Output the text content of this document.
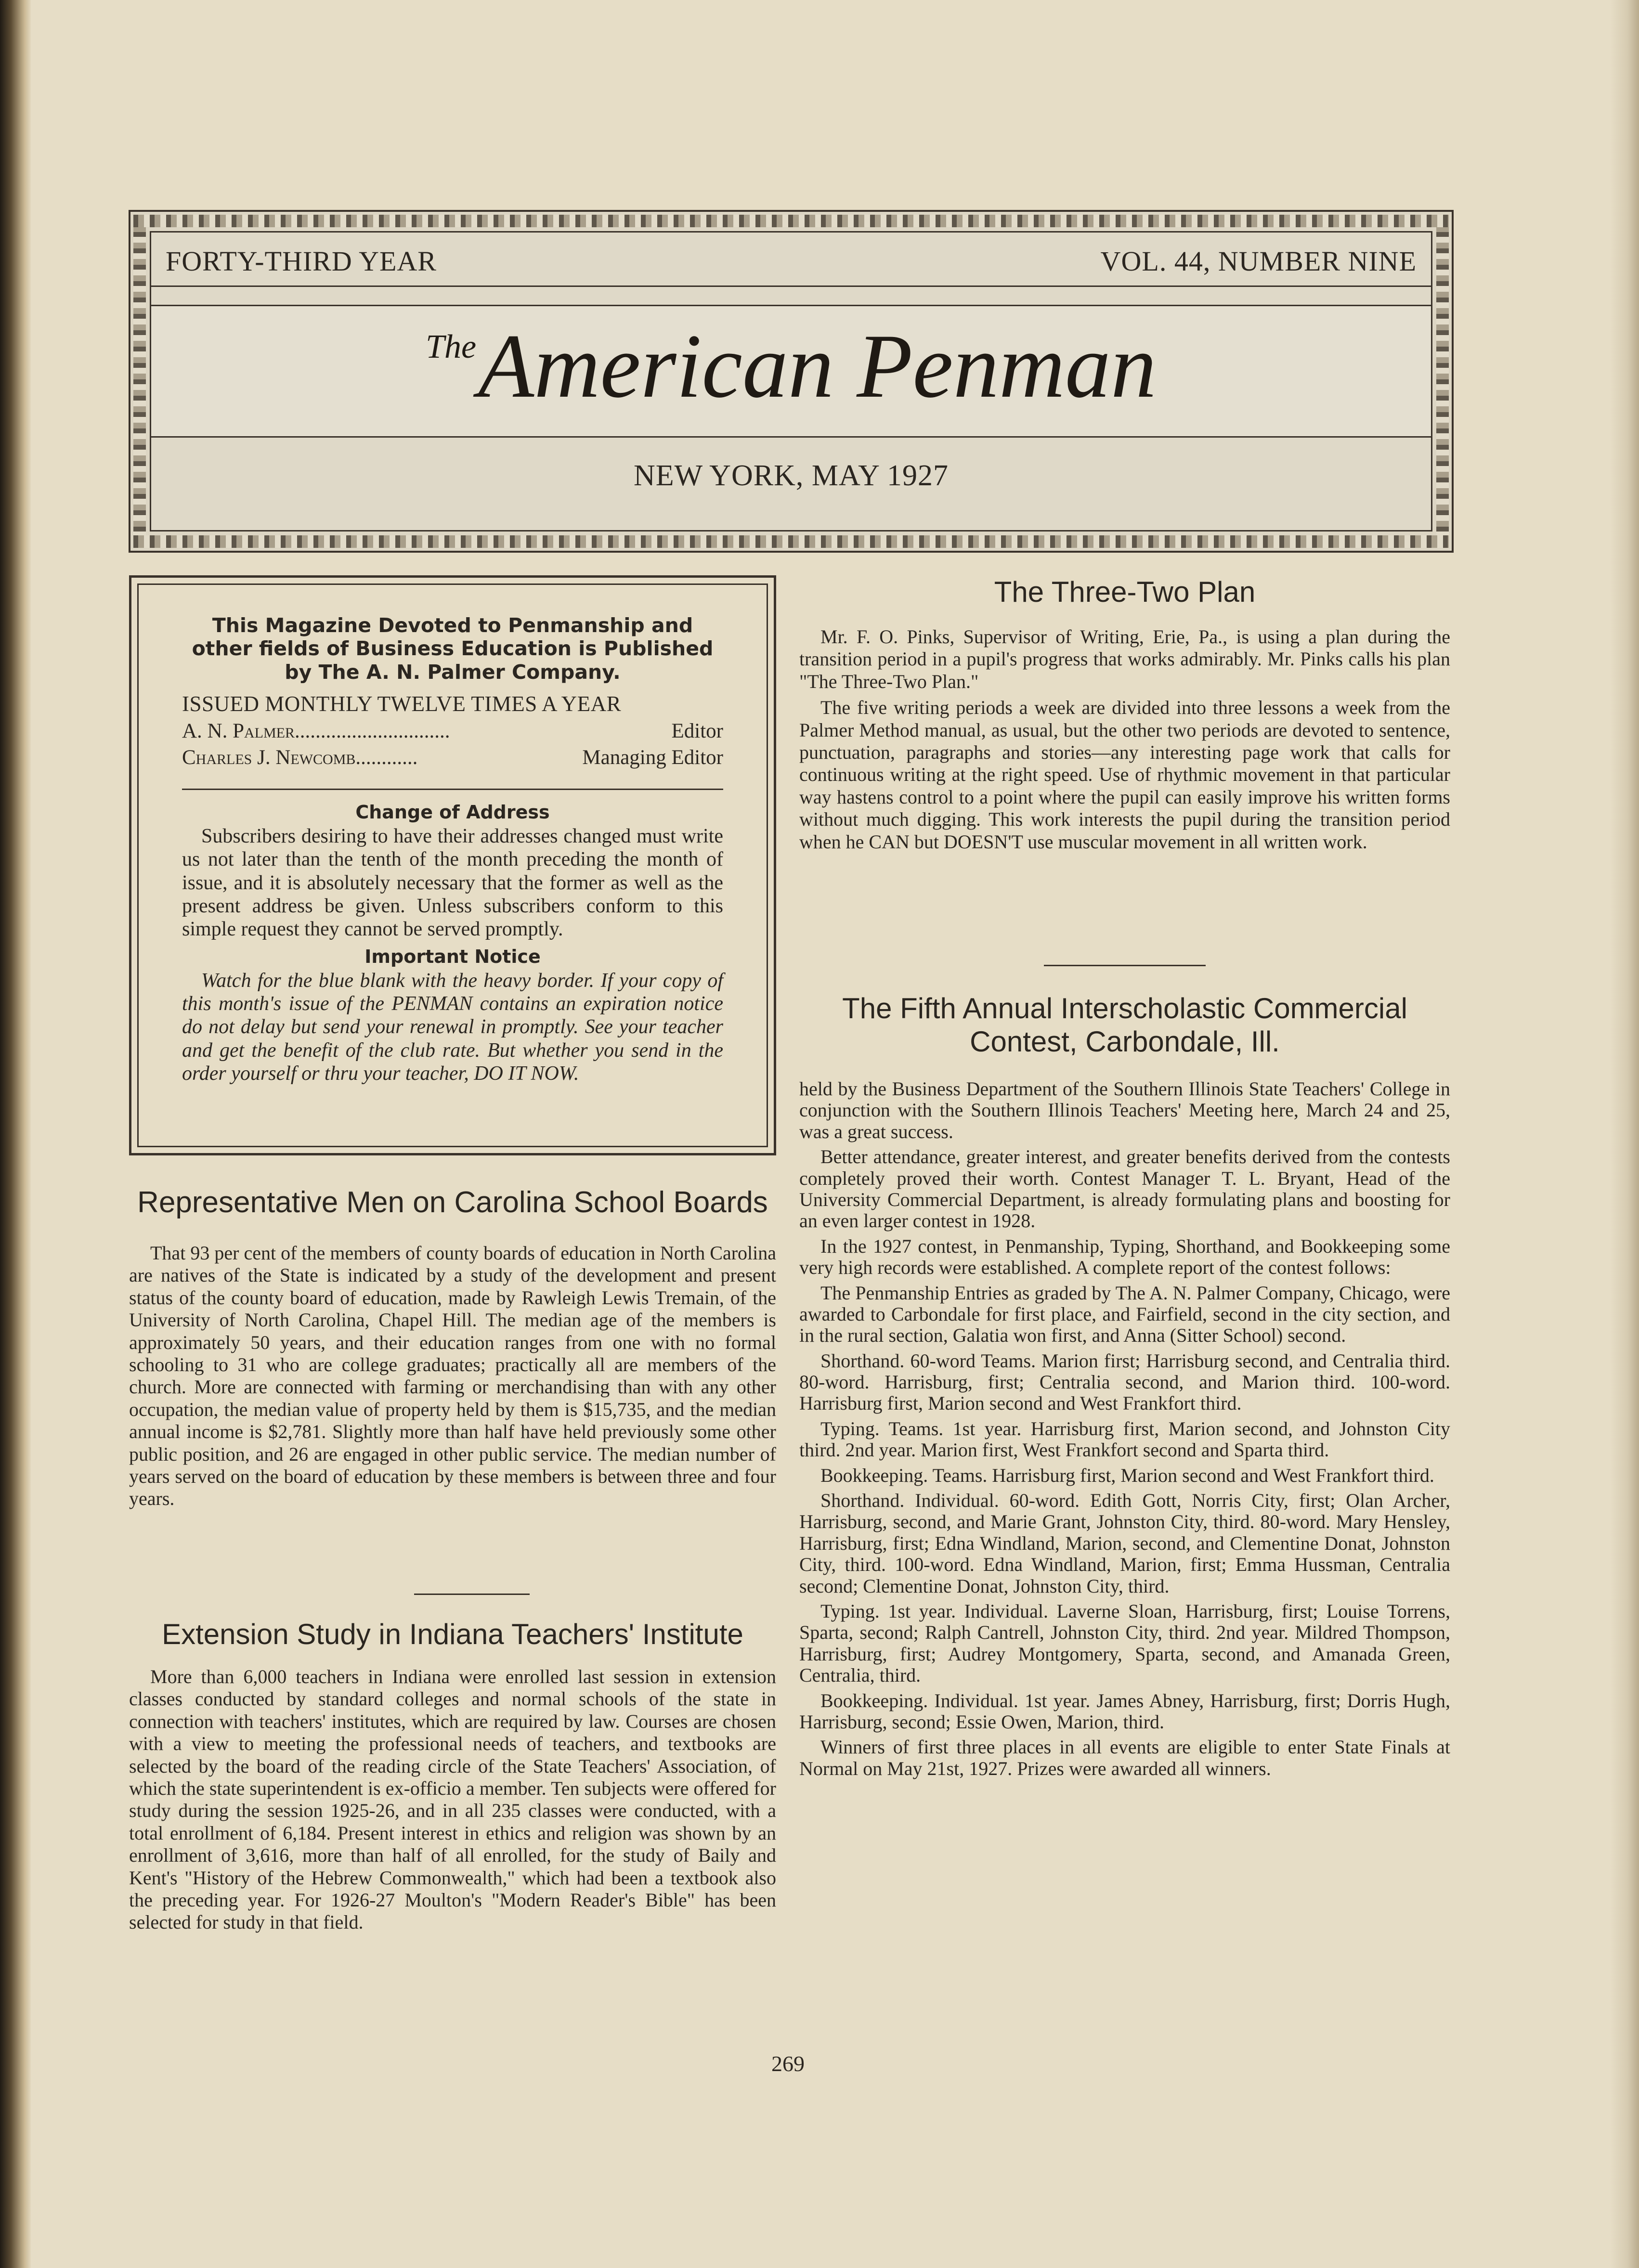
FORTY-THIRD YEAR	VOL. 44, NUMBER NINE
$^{The}$American Penman
NEW YORK, MAY 1927

This Magazine Devoted to Penmanship and other fields of Business Education is Published by The A. N. Palmer Company.

ISSUED MONTHLY TWELVE TIMES A YEAR
A. N. Palmer ..............................	Editor
Charles J. Newcomb ............	Managing Editor
Change of Address

Subscribers desiring to have their addresses changed must write us not later than the tenth of the month preceding the month of issue, and it is absolutely necessary that the former as well as the present address be given. Unless subscribers conform to this simple request they cannot be served promptly.

Important Notice

Watch for the blue blank with the heavy border. If your copy of this month's issue of the PENMAN contains an expiration notice do not delay but send your renewal in promptly. See your teacher and get the benefit of the club rate. But whether you send in the order yourself or thru your teacher, DO IT NOW.

Representative Men on Carolina School Boards

That 93 per cent of the members of county boards of education in North Carolina are natives of the State is indicated by a study of the development and present status of the county board of education, made by Rawleigh Lewis Tremain, of the University of North Carolina, Chapel Hill. The median age of the members is approximately 50 years, and their education ranges from one with no formal schooling to 31 who are college graduates; practically all are members of the church. More are connected with farming or merchandising than with any other occupation, the median value of property held by them is $15,735, and the median annual income is $2,781. Slightly more than half have held previously some other public position, and 26 are engaged in other public service. The median number of years served on the board of education by these members is between three and four years.

Extension Study in Indiana Teachers' Institute

More than 6,000 teachers in Indiana were enrolled last session in extension classes conducted by standard colleges and normal schools of the state in connection with teachers' institutes, which are required by law. Courses are chosen with a view to meeting the professional needs of teachers, and textbooks are selected by the board of the reading circle of the State Teachers' Association, of which the state superintendent is ex-officio a member. Ten subjects were offered for study during the session 1925-26, and in all 235 classes were conducted, with a total enrollment of 6,184. Present interest in ethics and religion was shown by an enrollment of 3,616, more than half of all enrolled, for the study of Baily and Kent's "History of the Hebrew Commonwealth," which had been a textbook also the preceding year. For 1926-27 Moulton's "Modern Reader's Bible" has been selected for study in that field.

The Three-Two Plan

Mr. F. O. Pinks, Supervisor of Writing, Erie, Pa., is using a plan during the transition period in a pupil's progress that works admirably. Mr. Pinks calls his plan "The Three-Two Plan."

The five writing periods a week are divided into three lessons a week from the Palmer Method manual, as usual, but the other two periods are devoted to sentence, punctuation, paragraphs and stories—any interesting page work that calls for continuous writing at the right speed. Use of rhythmic movement in that particular way hastens control to a point where the pupil can easily improve his written forms without much digging. This work interests the pupil during the transition period when he CAN but DOESN'T use muscular movement in all written work.

The Fifth Annual Interscholastic Commercial
Contest, Carbondale, Ill.

held by the Business Department of the Southern Illinois State Teachers' College in conjunction with the Southern Illinois Teachers' Meeting here, March 24 and 25, was a great success.

Better attendance, greater interest, and greater benefits derived from the contests completely proved their worth. Contest Manager T. L. Bryant, Head of the University Commercial Department, is already formulating plans and boosting for an even larger contest in 1928.

In the 1927 contest, in Penmanship, Typing, Shorthand, and Bookkeeping some very high records were established. A complete report of the contest follows:

The Penmanship Entries as graded by The A. N. Palmer Company, Chicago, were awarded to Carbondale for first place, and Fairfield, second in the city section, and in the rural section, Galatia won first, and Anna (Sitter School) second.

Shorthand. 60-word Teams. Marion first; Harrisburg second, and Centralia third. 80-word. Harrisburg, first; Centralia second, and Marion third. 100-word. Harrisburg first, Marion second and West Frankfort third.

Typing. Teams. 1st year. Harrisburg first, Marion second, and Johnston City third. 2nd year. Marion first, West Frankfort second and Sparta third.

Bookkeeping. Teams. Harrisburg first, Marion second and West Frankfort third.

Shorthand. Individual. 60-word. Edith Gott, Norris City, first; Olan Archer, Harrisburg, second, and Marie Grant, Johnston City, third. 80-word. Mary Hensley, Harrisburg, first; Edna Windland, Marion, second, and Clementine Donat, Johnston City, third. 100-word. Edna Windland, Marion, first; Emma Hussman, Centralia second; Clementine Donat, Johnston City, third.

Typing. 1st year. Individual. Laverne Sloan, Harrisburg, first; Louise Torrens, Sparta, second; Ralph Cantrell, Johnston City, third. 2nd year. Mildred Thompson, Harrisburg, first; Audrey Montgomery, Sparta, second, and Amanada Green, Centralia, third.

Bookkeeping. Individual. 1st year. James Abney, Harrisburg, first; Dorris Hugh, Harrisburg, second; Essie Owen, Marion, third.

Winners of first three places in all events are eligible to enter State Finals at Normal on May 21st, 1927. Prizes were awarded all winners.

269
